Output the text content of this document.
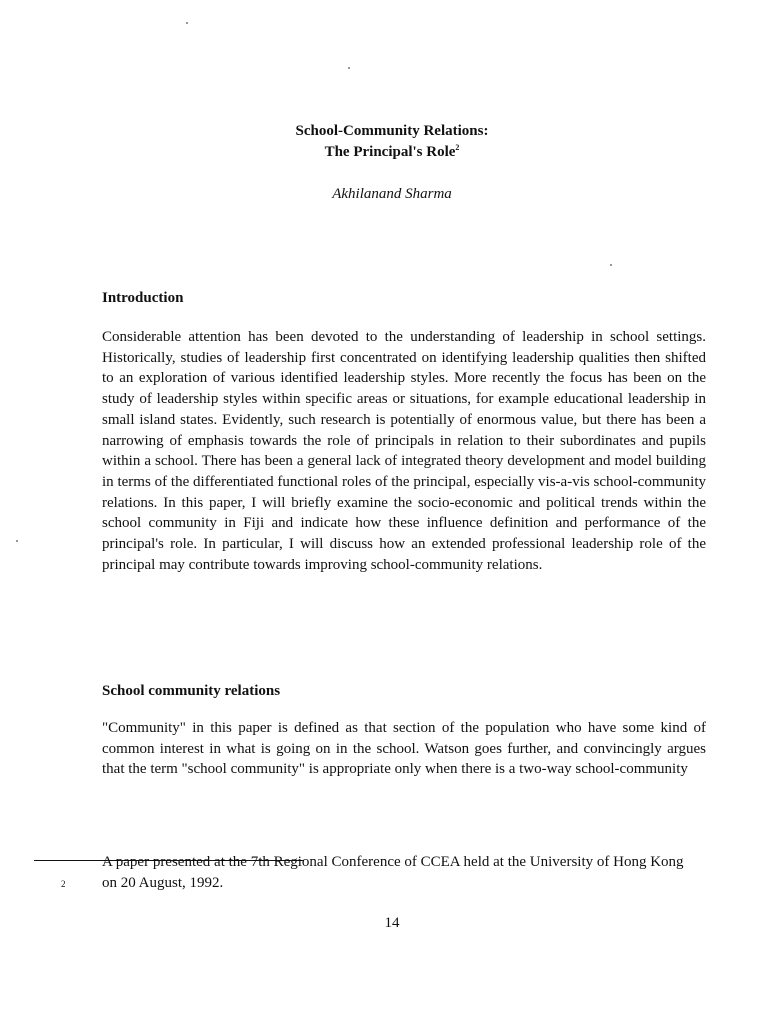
School-Community Relations:
The Principal's Role$^2$

Akhilanand Sharma

Introduction

Considerable attention has been devoted to the understanding of leadership in school settings. Historically, studies of leadership first concentrated on identifying leadership qualities then shifted to an exploration of various identified leadership styles. More recently the focus has been on the study of leadership styles within specific areas or situations, for example educational leadership in small island states. Evidently, such research is potentially of enormous value, but there has been a narrowing of emphasis towards the role of principals in relation to their subordinates and pupils within a school. There has been a general lack of integrated theory development and model building in terms of the differentiated functional roles of the principal, especially vis-a-vis school-community relations. In this paper, I will briefly examine the socio-economic and political trends within the school community in Fiji and indicate how these influence definition and performance of the principal's role. In particular, I will discuss how an extended professional leadership role of the principal may contribute towards improving school-community relations.

School community relations

"Community" in this paper is defined as that section of the population who have some kind of common interest in what is going on in the school. Watson goes further, and convincingly argues that the term "school community" is appropriate only when there is a two-way school-community

2

A paper presented at the 7th Regional Conference of CCEA held at the University of Hong Kong on 20 August, 1992.

14
